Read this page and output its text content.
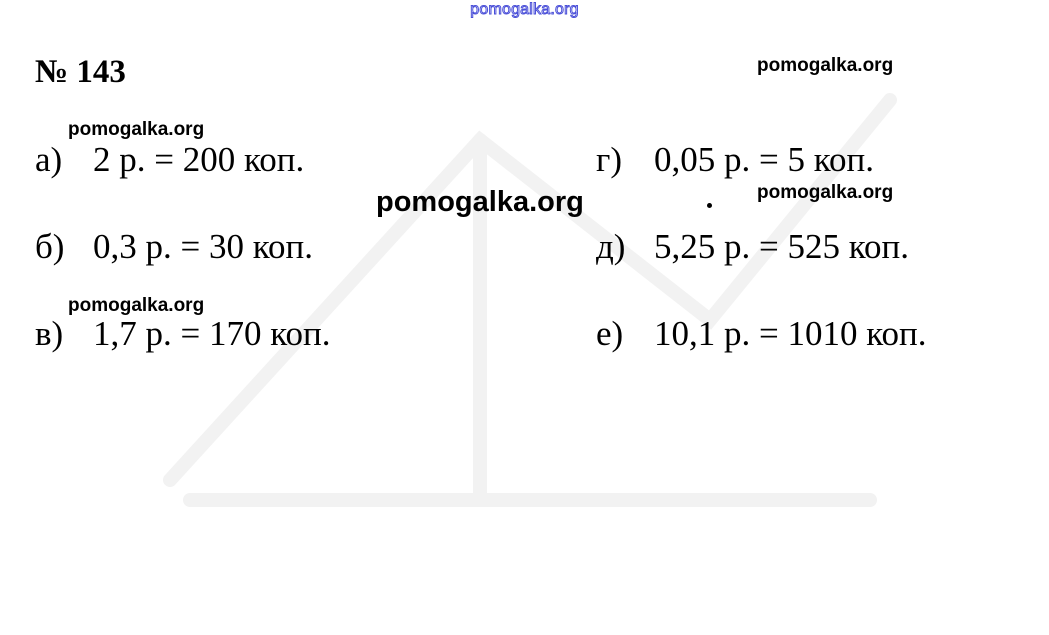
pomogalka.org
№ 143	pomogalka.org
pomogalka.org
pomogalka.org	pomogalka.org
pomogalka.org
а) 2 р. = 200 коп.
б) 0,3 р. = 30 коп.
в) 1,7 р. = 170 коп.
г) 0,05 р. = 5 коп.
д) 5,25 р. = 525 коп.
е) 10,1 р. = 1010 коп.
